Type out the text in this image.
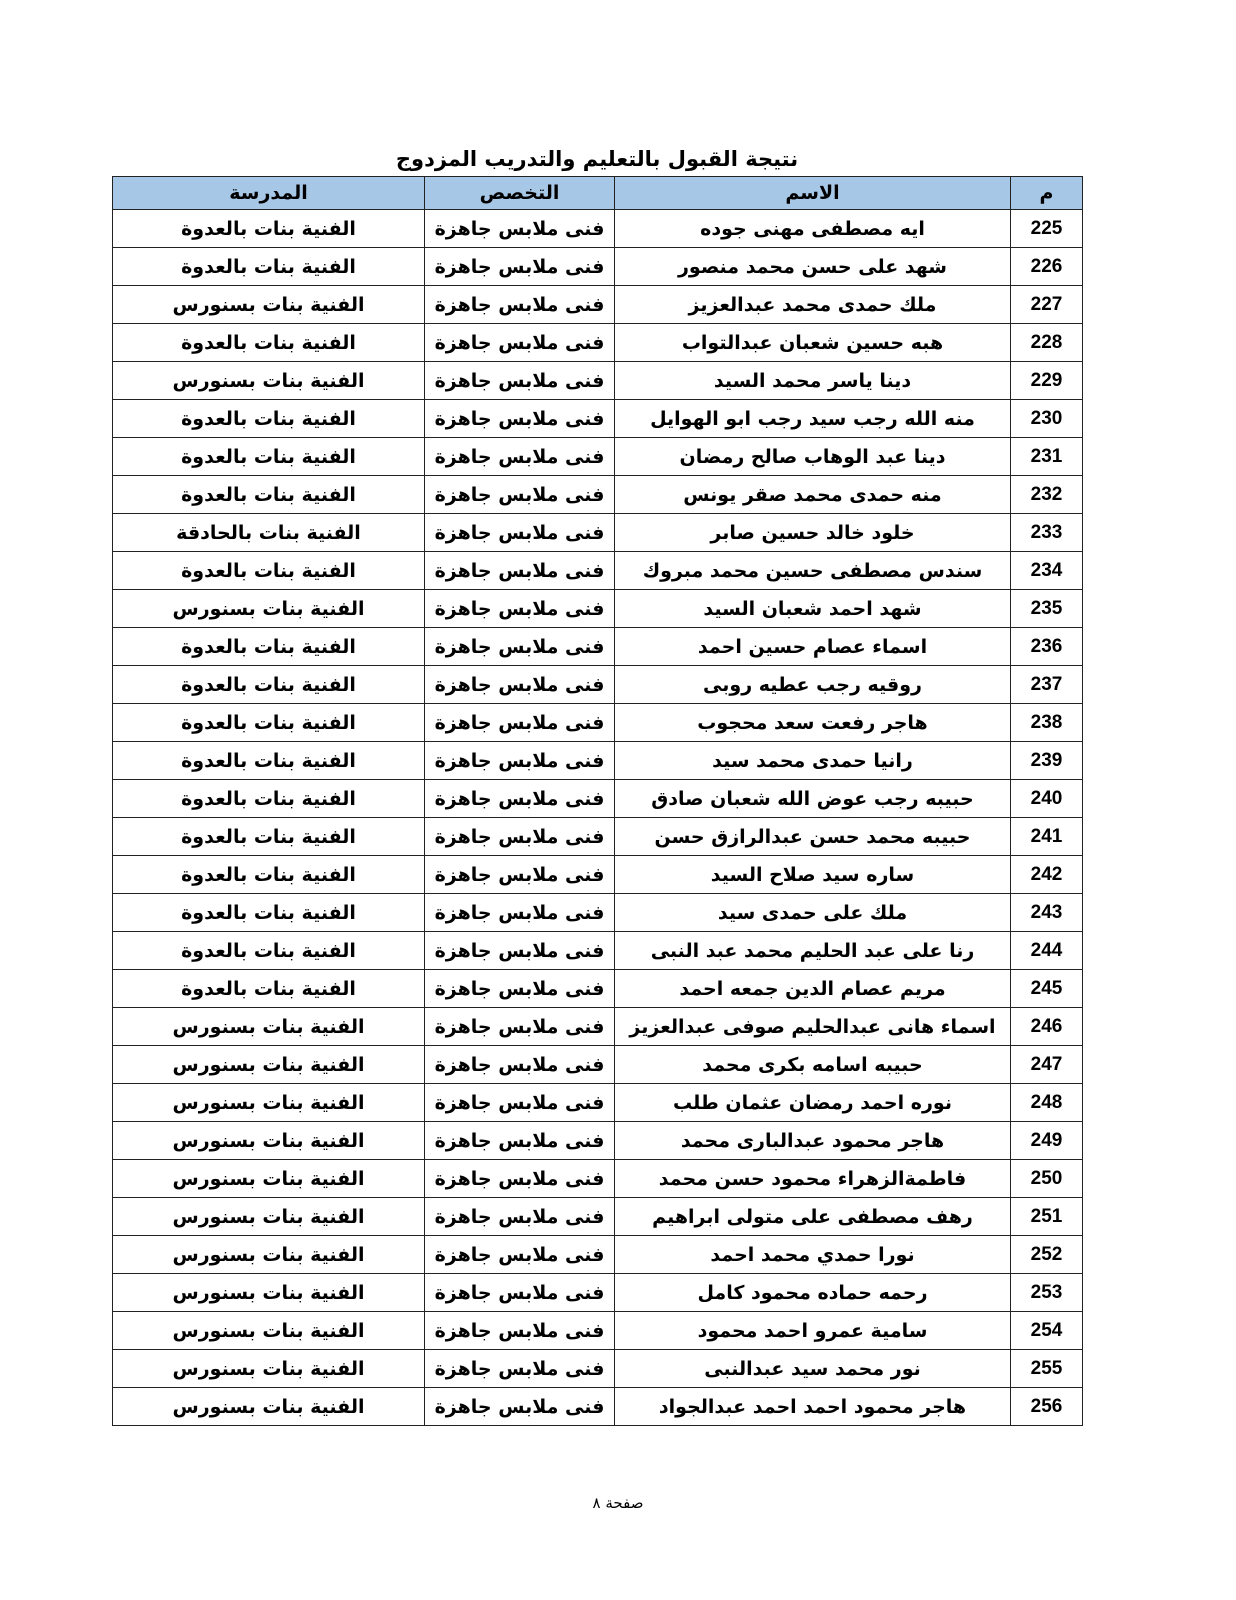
نتيجة القبول بالتعليم والتدريب المزدوج
م	الاسم	التخصص	المدرسة
225	ايه مصطفى مهنى جوده	فنى ملابس جاهزة	الفنية بنات بالعدوة
226	شهد على حسن محمد منصور	فنى ملابس جاهزة	الفنية بنات بالعدوة
227	ملك حمدى محمد عبدالعزيز	فنى ملابس جاهزة	الفنية بنات بسنورس
228	هبه حسين شعبان عبدالتواب	فنى ملابس جاهزة	الفنية بنات بالعدوة
229	دينا ياسر محمد السيد	فنى ملابس جاهزة	الفنية بنات بسنورس
230	منه الله رجب سيد رجب ابو الهوايل	فنى ملابس جاهزة	الفنية بنات بالعدوة
231	دينا عبد الوهاب صالح رمضان	فنى ملابس جاهزة	الفنية بنات بالعدوة
232	منه حمدى محمد صقر يونس	فنى ملابس جاهزة	الفنية بنات بالعدوة
233	خلود خالد حسين صابر	فنى ملابس جاهزة	الفنية بنات بالحادقة
234	سندس مصطفى حسين محمد مبروك	فنى ملابس جاهزة	الفنية بنات بالعدوة
235	شهد احمد شعبان السيد	فنى ملابس جاهزة	الفنية بنات بسنورس
236	اسماء عصام حسين احمد	فنى ملابس جاهزة	الفنية بنات بالعدوة
237	روقيه رجب عطيه روبى	فنى ملابس جاهزة	الفنية بنات بالعدوة
238	هاجر رفعت سعد محجوب	فنى ملابس جاهزة	الفنية بنات بالعدوة
239	رانيا حمدى محمد سيد	فنى ملابس جاهزة	الفنية بنات بالعدوة
240	حبيبه رجب عوض الله شعبان صادق	فنى ملابس جاهزة	الفنية بنات بالعدوة
241	حبيبه محمد حسن عبدالرازق حسن	فنى ملابس جاهزة	الفنية بنات بالعدوة
242	ساره سيد صلاح السيد	فنى ملابس جاهزة	الفنية بنات بالعدوة
243	ملك على حمدى سيد	فنى ملابس جاهزة	الفنية بنات بالعدوة
244	رنا على عبد الحليم محمد عبد النبى	فنى ملابس جاهزة	الفنية بنات بالعدوة
245	مريم عصام الدين جمعه احمد	فنى ملابس جاهزة	الفنية بنات بالعدوة
246	اسماء هانى عبدالحليم صوفى عبدالعزيز	فنى ملابس جاهزة	الفنية بنات بسنورس
247	حبيبه اسامه بكرى محمد	فنى ملابس جاهزة	الفنية بنات بسنورس
248	نوره احمد رمضان عثمان طلب	فنى ملابس جاهزة	الفنية بنات بسنورس
249	هاجر محمود عبدالبارى محمد	فنى ملابس جاهزة	الفنية بنات بسنورس
250	فاطمةالزهراء محمود حسن محمد	فنى ملابس جاهزة	الفنية بنات بسنورس
251	رهف مصطفى على متولى ابراهيم	فنى ملابس جاهزة	الفنية بنات بسنورس
252	نورا حمدي محمد احمد	فنى ملابس جاهزة	الفنية بنات بسنورس
253	رحمه حماده محمود كامل	فنى ملابس جاهزة	الفنية بنات بسنورس
254	سامية عمرو احمد محمود	فنى ملابس جاهزة	الفنية بنات بسنورس
255	نور محمد سيد عبدالنبى	فنى ملابس جاهزة	الفنية بنات بسنورس
256	هاجر محمود احمد احمد عبدالجواد	فنى ملابس جاهزة	الفنية بنات بسنورس
صفحة ٨
